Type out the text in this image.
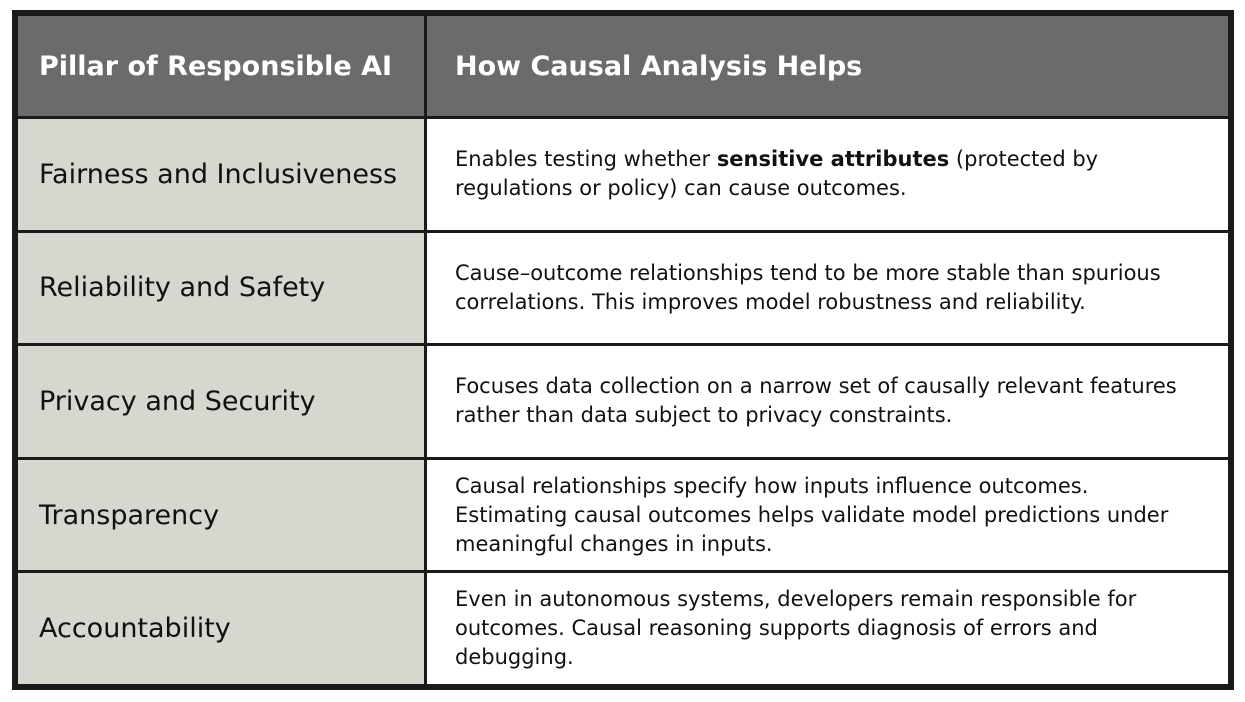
Pillar of Responsible AI	How Causal Analysis Helps
Fairness and Inclusiveness	Enables testing whether sensitive attributes (protected by regulations or policy) can cause outcomes.

Reliability and Safety	Cause–outcome relationships tend to be more stable than spurious correlations. This improves model robustness and reliability.

Privacy and Security	Focuses data collection on a narrow set of causally relevant features rather than data subject to privacy constraints.

Transparency	Causal relationships specify how inputs influence outcomes. Estimating causal outcomes helps validate model predictions under meaningful changes in inputs.

Accountability	Even in autonomous systems, developers remain responsible for outcomes. Causal reasoning supports diagnosis of errors and debugging.
